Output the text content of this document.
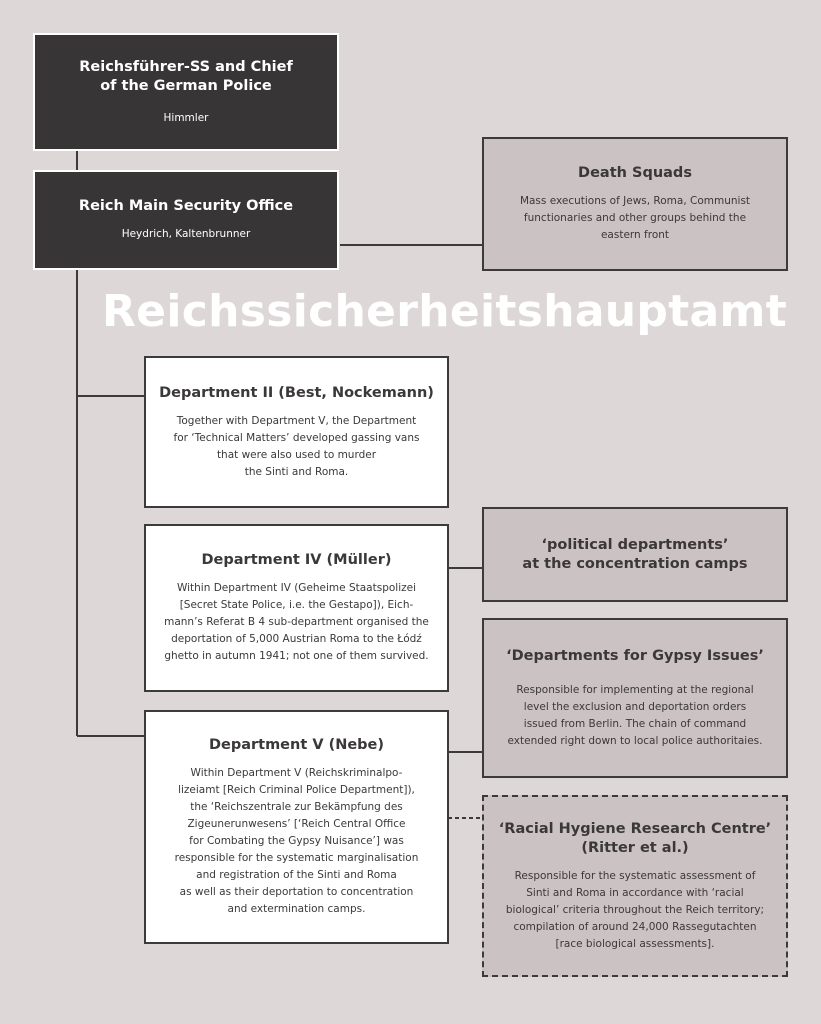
Reichssicherheitshauptamt
Reichsführer-SS and Chief
of the German Police
Himmler
Reich Main Security Office
Heydrich, Kaltenbrunner
Death Squads
Mass executions of Jews, Roma, Communist
functionaries and other groups behind the
eastern front
Department II (Best, Nockemann)
Together with Department V, the Department
for ‘Technical Matters’ developed gassing vans
that were also used to murder
the Sinti and Roma.
Department IV (Müller)
Within Department IV (Geheime Staatspolizei
[Secret State Police, i.e. the Gestapo]), Eich-
mann’s Referat B 4 sub-department organised the
deportation of 5,000 Austrian Roma to the Łódź
ghetto in autumn 1941; not one of them survived.
‘political departments’
at the concentration camps
‘Departments for Gypsy Issues’
Responsible for implementing at the regional
level the exclusion and deportation orders
issued from Berlin. The chain of command
extended right down to local police authoritaies.
Department V (Nebe)
Within Department V (Reichskriminalpo-
lizeiamt [Reich Criminal Police Department]),
the ‘Reichszentrale zur Bekämpfung des
Zigeunerunwesens’ [‘Reich Central Office
for Combating the Gypsy Nuisance’] was
responsible for the systematic marginalisation
and registration of the Sinti and Roma
as well as their deportation to concentration
and extermination camps.
‘Racial Hygiene Research Centre’
(Ritter et al.)
Responsible for the systematic assessment of
Sinti and Roma in accordance with ‘racial
biological’ criteria throughout the Reich territory;
compilation of around 24,000 Rassegutachten
[race biological assessments].
